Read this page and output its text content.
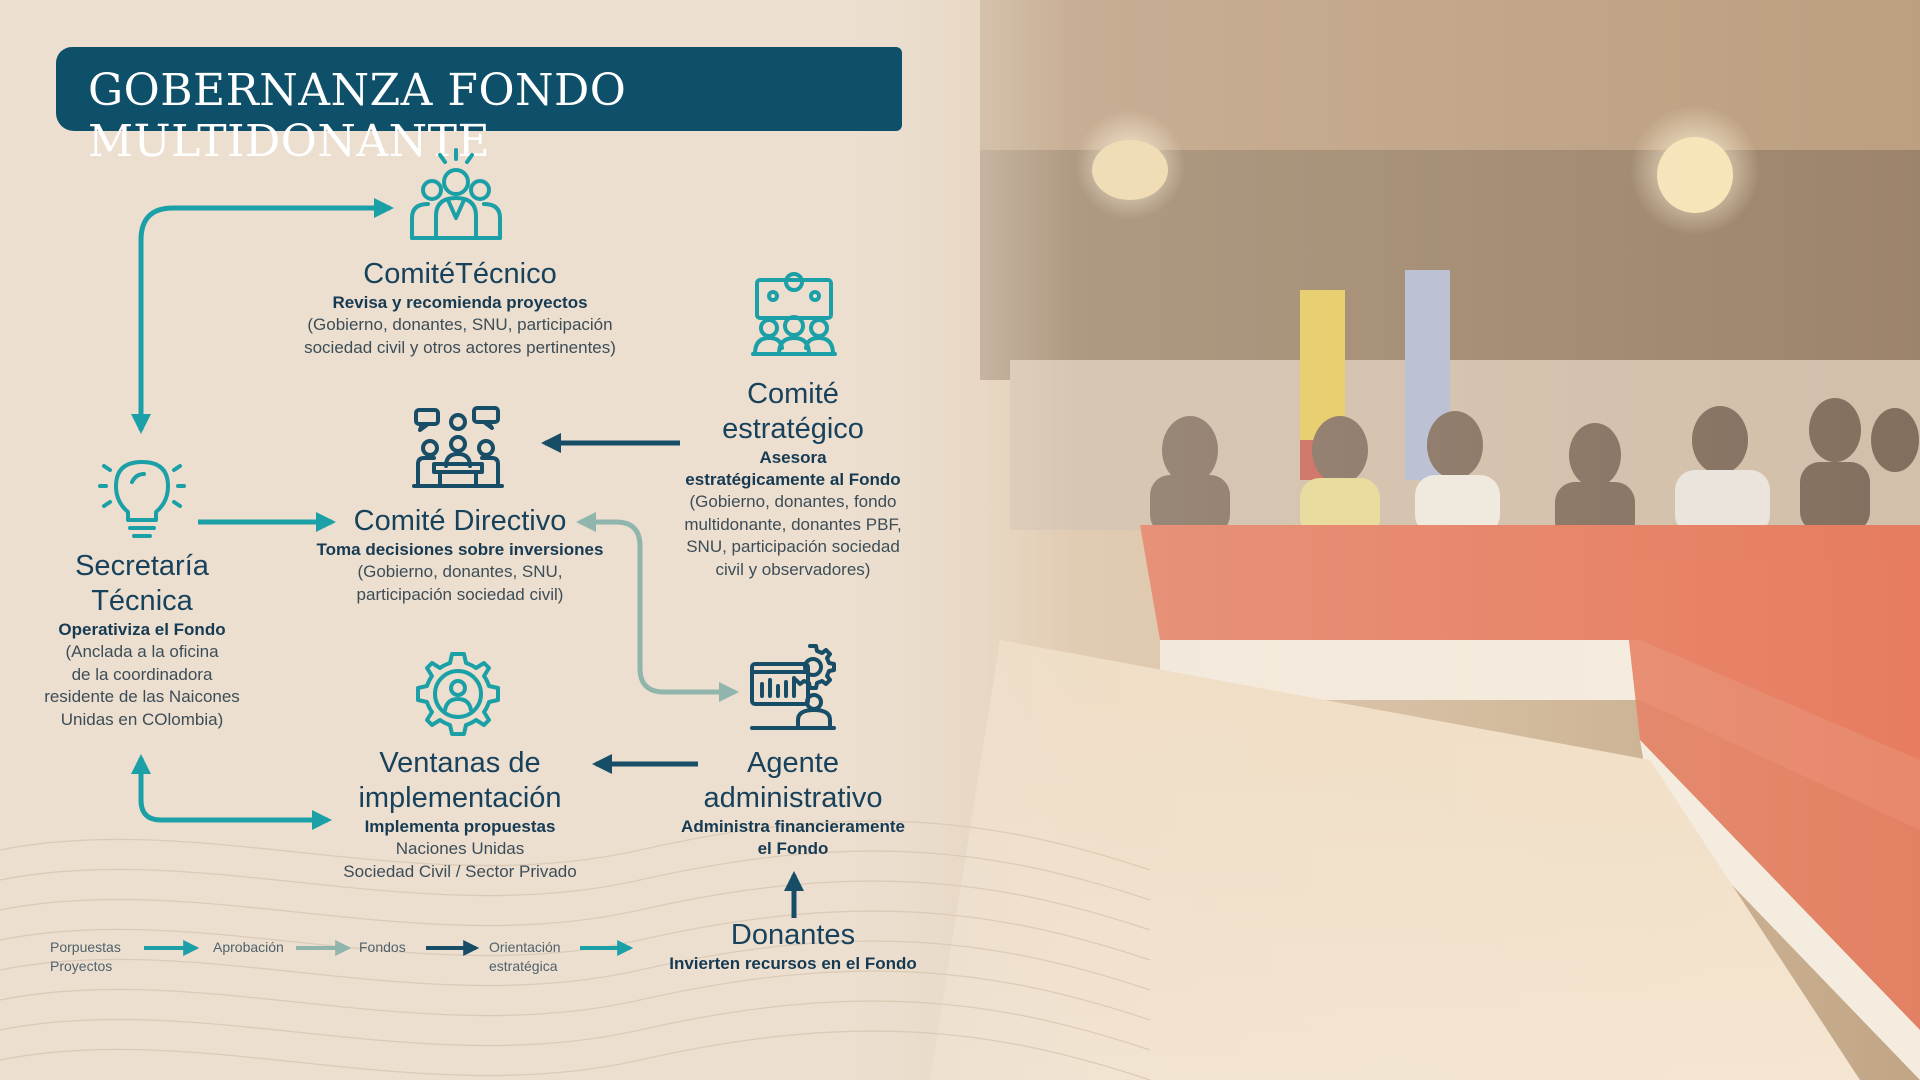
GOBERNANZA FONDO MULTIDONANTE
ComitéTécnico
Revisa y recomienda proyectos
(Gobierno, donantes, SNU, participación
sociedad civil y otros actores pertinentes)
Comité
estratégico
Asesora
estratégicamente al Fondo
(Gobierno, donantes, fondo
multidonante, donantes PBF,
SNU, participación sociedad
civil y observadores)
Comité Directivo
Toma decisiones sobre inversiones
(Gobierno, donantes, SNU,
participación sociedad civil)
Secretaría
Técnica
Operativiza el Fondo
(Anclada a la oficina
de la coordinadora
residente de las Naicones
Unidas en COlombia)
Ventanas de
implementación
Implementa propuestas
Naciones Unidas
Sociedad Civil / Sector Privado
Agente
administrativo
Administra financieramente
el Fondo
Donantes
Invierten recursos en el Fondo
Porpuestas
Proyectos
Aprobación	Fondos	Orientación
estratégica
